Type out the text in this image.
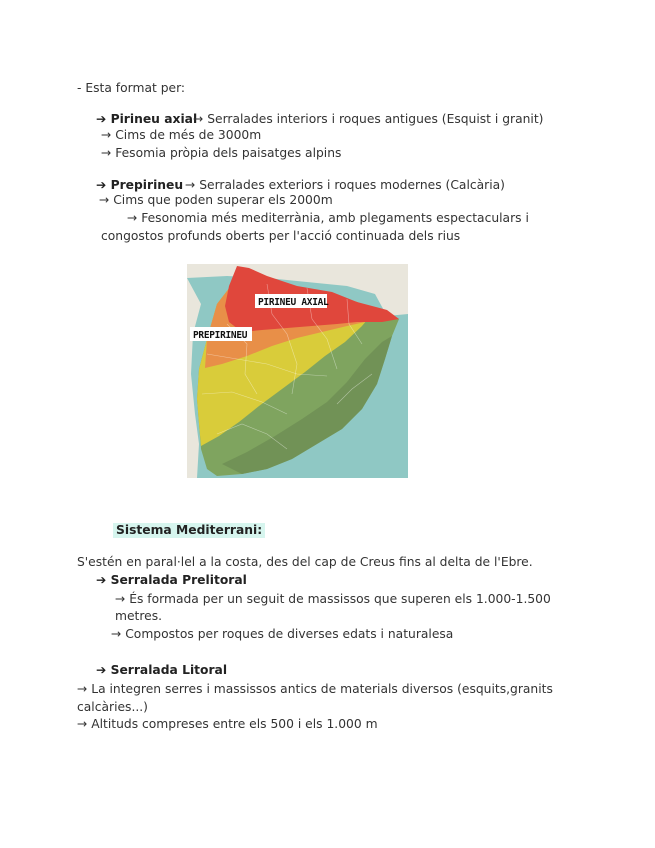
- Esta format per:
➔ Pirineu axial
→ Serralades interiors i roques antigues (Esquist i granit)
→ Cims de més de 3000m
→ Fesomia pròpia dels paisatges alpins
➔ Prepirineu → Serralades exteriors i roques modernes (Calcària)
→ Cims que poden superar els 2000m
→ Fesonomia més mediterrània, amb plegaments espectaculars i
congostos profunds oberts per l'acció continuada dels rius
PIRINEU AXIAL
PREPIRINEU
Sistema Mediterrani:
S'estén en paral·lel a la costa, des del cap de Creus fins al delta de l'Ebre.
➔ Serralada Prelitoral
→ És formada per un seguit de massissos que superen els 1.000-1.500
metres.
→ Compostos per roques de diverses edats i naturalesa
➔ Serralada Litoral
→ La integren serres i massissos antics de materials diversos (esquits,granits
calcàries...)
→ Altituds compreses entre els 500 i els 1.000 m
